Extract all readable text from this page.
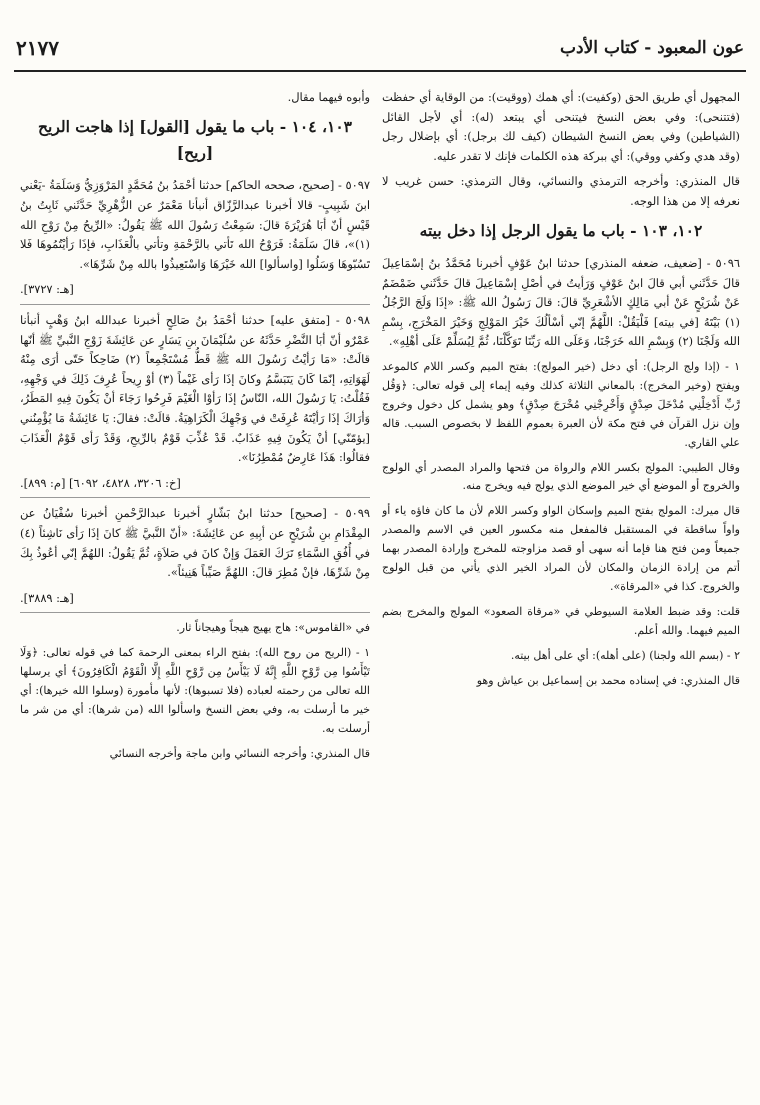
عون المعبود - كتاب الأدب
٢١٧٧

المجهول أي طريق الحق (وكفيت): أي همك (ووقيت): من الوقاية أي حفظت (فتتنحى): وفي بعض النسخ فيتنحى أي يبتعد (له): أي لأجل القائل (الشياطين) وفي بعض النسخ الشيطان (كيف لك برجل): أي بإضلال رجل (وقد هدي وكفي ووقي): أي ببركة هذه الكلمات فإنك لا تقدر عليه.

قال المنذري: وأخرجه الترمذي والنسائي، وقال الترمذي: حسن غريب لا نعرفه إلا من هذا الوجه.

١٠٢، ١٠٣ - باب ما يقول الرجل إذا دخل بيته

٥٠٩٦ - [ضعيف، ضعفه المنذري] حدثنا ابنُ عَوْفٍ أخبرنا مُحَمَّدُ بنُ إسْمَاعِيلَ قالَ حَدَّثَني أبي قالَ ابنُ عَوْفٍ وَرَأيتُ في أصْلِ إسْمَاعِيلَ قالَ حَدَّثَني ضَمْضَمٌ عَنْ شُرَيْحٍ عَنْ أبي مَالِكٍ الأشْعَرِيِّ قالَ: قالَ رَسُولُ الله ﷺ: «إذَا وَلَجَ الرَّجُلُ (١) بَيْتَهُ [في بيته] فَلْيَقُلْ: اللَّهُمَّ إنّي أسْألُكَ خَيْرَ المَوْلِجِ وَخَيْرَ المَخْرَجِ، بِسْمِ الله وَلَجْنَا (٢) وَبِسْمِ الله خَرَجْنَا، وَعَلَى الله رَبِّنَا تَوَكَّلْنَا، ثُمَّ لِيُسَلِّمْ عَلَى أهْلِهِ».

١ - (إذا ولج الرجل): أي دخل (خير المولج): بفتح الميم وكسر اللام كالموعد ويفتح (وخير المخرج): بالمعاني الثلاثة كذلك وفيه إيماء إلى قوله تعالى: ﴿وَقُل رَّبِّ أَدْخِلْنِي مُدْخَلَ صِدْقٍ وَأَخْرِجْنِي مُخْرَجَ صِدْقٍ﴾ وهو يشمل كل دخول وخروج وإن نزل القرآن في فتح مكة لأن العبرة بعموم اللفظ لا بخصوص السبب. قاله علي القاري.

وقال الطيبي: المولج بكسر اللام والرواة من فتحها والمراد المصدر أي الولوج والخروج أو الموضع أي خير الموضع الذي يولج فيه ويخرج منه.

قال ميرك: المولج بفتح الميم وإسكان الواو وكسر اللام لأن ما كان فاؤه ياء أو واواً ساقطة في المستقبل فالمفعل منه مكسور العين في الاسم والمصدر جميعاً ومن فتح هنا فإما أنه سهى أو قصد مزاوجته للمخرج وإرادة المصدر بهما أتم من إرادة الزمان والمكان لأن المراد الخير الذي يأتي من قبل الولوج والخروج. كذا في «المرقاة».

قلت: وقد ضبط العلامة السيوطي في «مرقاة الصعود» المولج والمخرج بضم الميم فيهما. والله أعلم.

٢ - (بسم الله ولجنا) (على أهله): أي على أهل بيته.

قال المنذري: في إسناده محمد بن إسماعيل بن عياش وهو

وأبوه فيهما مقال.

١٠٣، ١٠٤ - باب ما يقول [القول] إذا هاجت الريح [ريح]

٥٠٩٧ - [صحيح، صححه الحاكم] حدثنا أحْمَدُ بنُ مُحَمَّدٍ المَرْوَزِيُّ وَسَلَمَةُ -يَعْني ابنَ شَبِيبٍ- قالا أخبرنا عبدالرَّزّاق أنبأنا مَعْمَرٌ عن الزُّهْرِيِّ حَدَّثَني ثَابِتُ بنُ قَيْسٍ أنّ أبَا هُرَيْرَةَ قالَ: سَمِعْتُ رَسُولَ الله ﷺ يَقُولُ: «الرِّيحُ مِنْ رَوْحِ الله (١)»، قالَ سَلَمَةُ: فَرَوْحُ الله تَأتي بالرَّحْمَةِ وتأتي بالْعَذَابِ، فإذَا رَأيْتُمُوهَا فَلا تَسُبّوهَا وَسَلُوا [واسألوا] الله خَيْرَهَا وَاسْتَعِيذُوا بالله مِنْ شَرِّهَا».

[هـ: ٣٧٢٧].

٥٠٩٨ - [متفق عليه] حدثنا أحْمَدُ بنُ صَالِحٍ أخبرنا عبدالله ابنُ وَهْبٍ أنبأنا عَمْرٌو أنّ أبَا النَّضْرِ حَدَّثَهُ عن سُلَيْمَانَ بنِ يَسَارٍ عن عَائِشَةَ زَوْجِ النَّبيِّ ﷺ أنّها قالَتْ: «مَا رَأيْتُ رَسُولَ الله ﷺ قَطُّ مُسْتَجْمِعاً (٢) ضَاحِكاً حَتّى أرَى مِنْهُ لَهَوَاتِهِ، إنّمَا كَانَ يَتَبَسَّمُ وكانَ إذَا رَأى غَيْماً (٣) أوْ رِيحاً عُرِفَ ذَلِكَ في وَجْهِهِ، فَقُلْتُ: يَا رَسُولَ الله، النّاسُ إذَا رَأوْا الْغَيْمَ فَرِحُوا رَجَاءَ أنْ يَكُونَ فِيهِ المَطَرُ، وَأرَاكَ إذَا رَأيْتَهُ عُرِفَتْ في وَجْهِكَ الْكَرَاهِيَةُ. قالَتْ: فقالَ: يَا عَائِشَةُ مَا يُؤْمِنُني [يؤمّنّي] أنْ يَكُونَ فِيهِ عَذَابٌ. قَدْ عُذِّبَ قَوْمٌ بالرِّيحِ، وَقَدْ رَأى قَوْمٌ الْعَذَابَ فقالُوا: هَذَا عَارِضٌ مُمْطِرُنَا».

[خ: ٣٢٠٦، ٤٨٢٨، ٦٠٩٢] [م: ٨٩٩].

٥٠٩٩ - [صحيح] حدثنا ابنُ بَشّارٍ أخبرنا عبدالرَّحْمنِ أخبرنا سُفْيَانُ عن المِقْدَامِ بنِ شُرَيْحٍ عن أبِيهِ عن عَائِشَةَ: «أنّ النَّبيَّ ﷺ كانَ إذَا رَأى نَاشِئاً (٤) في أُفُقِ السَّمَاءِ تَرَكَ العَمَلَ وَإنْ كانَ في صَلاَةٍ، ثُمَّ يَقُولُ: اللهُمَّ إنّي أعُوذُ بِكَ مِنْ شَرِّهَا، فإنْ مُطِرَ قالَ: اللهُمَّ صَيِّباً هَنِيئاً».

[هـ: ٣٨٨٩].

في «القاموس»: هاج يهيج هيجاً وهيجاناً ثار.

١ - (الريح من روح الله): بفتح الراء بمعنى الرحمة كما في قوله تعالى: ﴿وَلَا تَيْأَسُوا مِن رَّوْحِ اللَّهِ إِنَّهُ لَا يَيْأَسُ مِن رَّوْحِ اللَّهِ إِلَّا الْقَوْمُ الْكَافِرُونَ﴾ أي يرسلها الله تعالى من رحمته لعباده (فلا تسبوها): لأنها مأمورة (وسلوا الله خيرها): أي خير ما أرسلت به، وفي بعض النسخ واسألوا الله (من شرها): أي من شر ما أرسلت به.

قال المنذري: وأخرجه النسائي وابن ماجة وأخرجه النسائي
